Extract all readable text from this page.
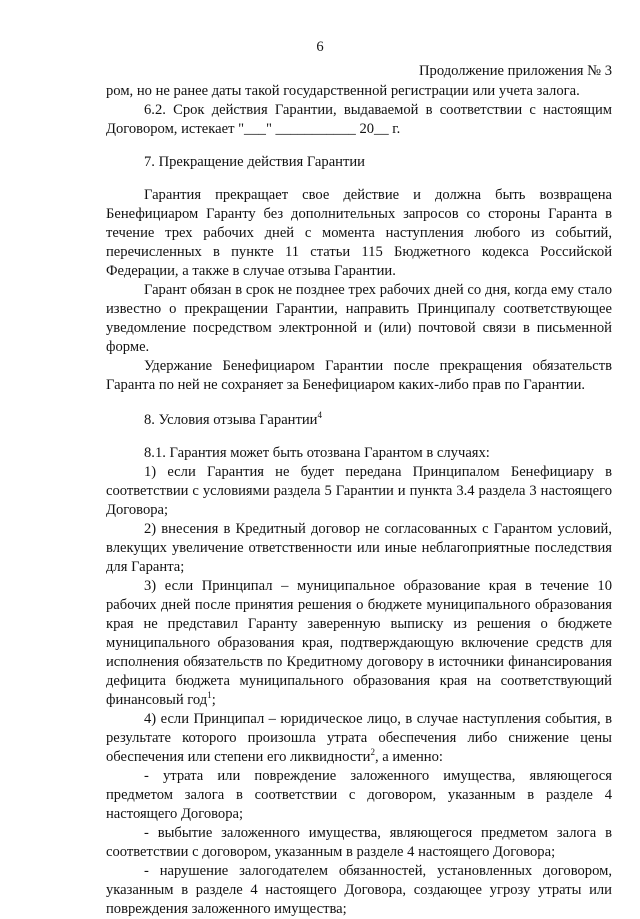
6
Продолжение приложения № 3

ром, но не ранее даты такой государственной регистрации или учета залога.

6.2. Срок действия Гарантии, выдаваемой в соответствии с настоящим Договором, истекает "___" ___________ 20__ г.

7. Прекращение действия Гарантии

Гарантия прекращает свое действие и должна быть возвращена Бенефициаром Гаранту без дополнительных запросов со стороны Гаранта в течение трех рабочих дней с момента наступления любого из событий, перечисленных в пункте 11 статьи 115 Бюджетного кодекса Российской Федерации, а также в случае отзыва Гарантии.

Гарант обязан в срок не позднее трех рабочих дней со дня, когда ему стало известно о прекращении Гарантии, направить Принципалу соответствующее уведомление посредством электронной и (или) почтовой связи в письменной форме.

Удержание Бенефициаром Гарантии после прекращения обязательств Гаранта по ней не сохраняет за Бенефициаром каких-либо прав по Гарантии.

8. Условия отзыва Гарантии$^4$

8.1. Гарантия может быть отозвана Гарантом в случаях:

1) если Гарантия не будет передана Принципалом Бенефициару в соответствии с условиями раздела 5 Гарантии и пункта 3.4 раздела 3 настоящего Договора;

2) внесения в Кредитный договор не согласованных с Гарантом условий, влекущих увеличение ответственности или иные неблагоприятные последствия для Гаранта;

3) если Принципал – муниципальное образование края в течение 10 рабочих дней после принятия решения о бюджете муниципального образования края не представил Гаранту заверенную выписку из решения о бюджете муниципального образования края, подтверждающую включение средств для исполнения обязательств по Кредитному договору в источники финансирования дефицита бюджета муниципального образования края на соответствующий финансовый год$^1$;

4) если Принципал – юридическое лицо, в случае наступления события, в результате которого произошла утрата обеспечения либо снижение цены обеспечения или степени его ликвидности$^2$, а именно:

- утрата или повреждение заложенного имущества, являющегося предметом залога в соответствии с договором, указанным в разделе 4 настоящего Договора;

- выбытие заложенного имущества, являющегося предметом залога в соответствии с договором, указанным в разделе 4 настоящего Договора;

- нарушение залогодателем обязанностей, установленных договором, указанным в разделе 4 настоящего Договора, создающее угрозу утраты или повреждения заложенного имущества;
